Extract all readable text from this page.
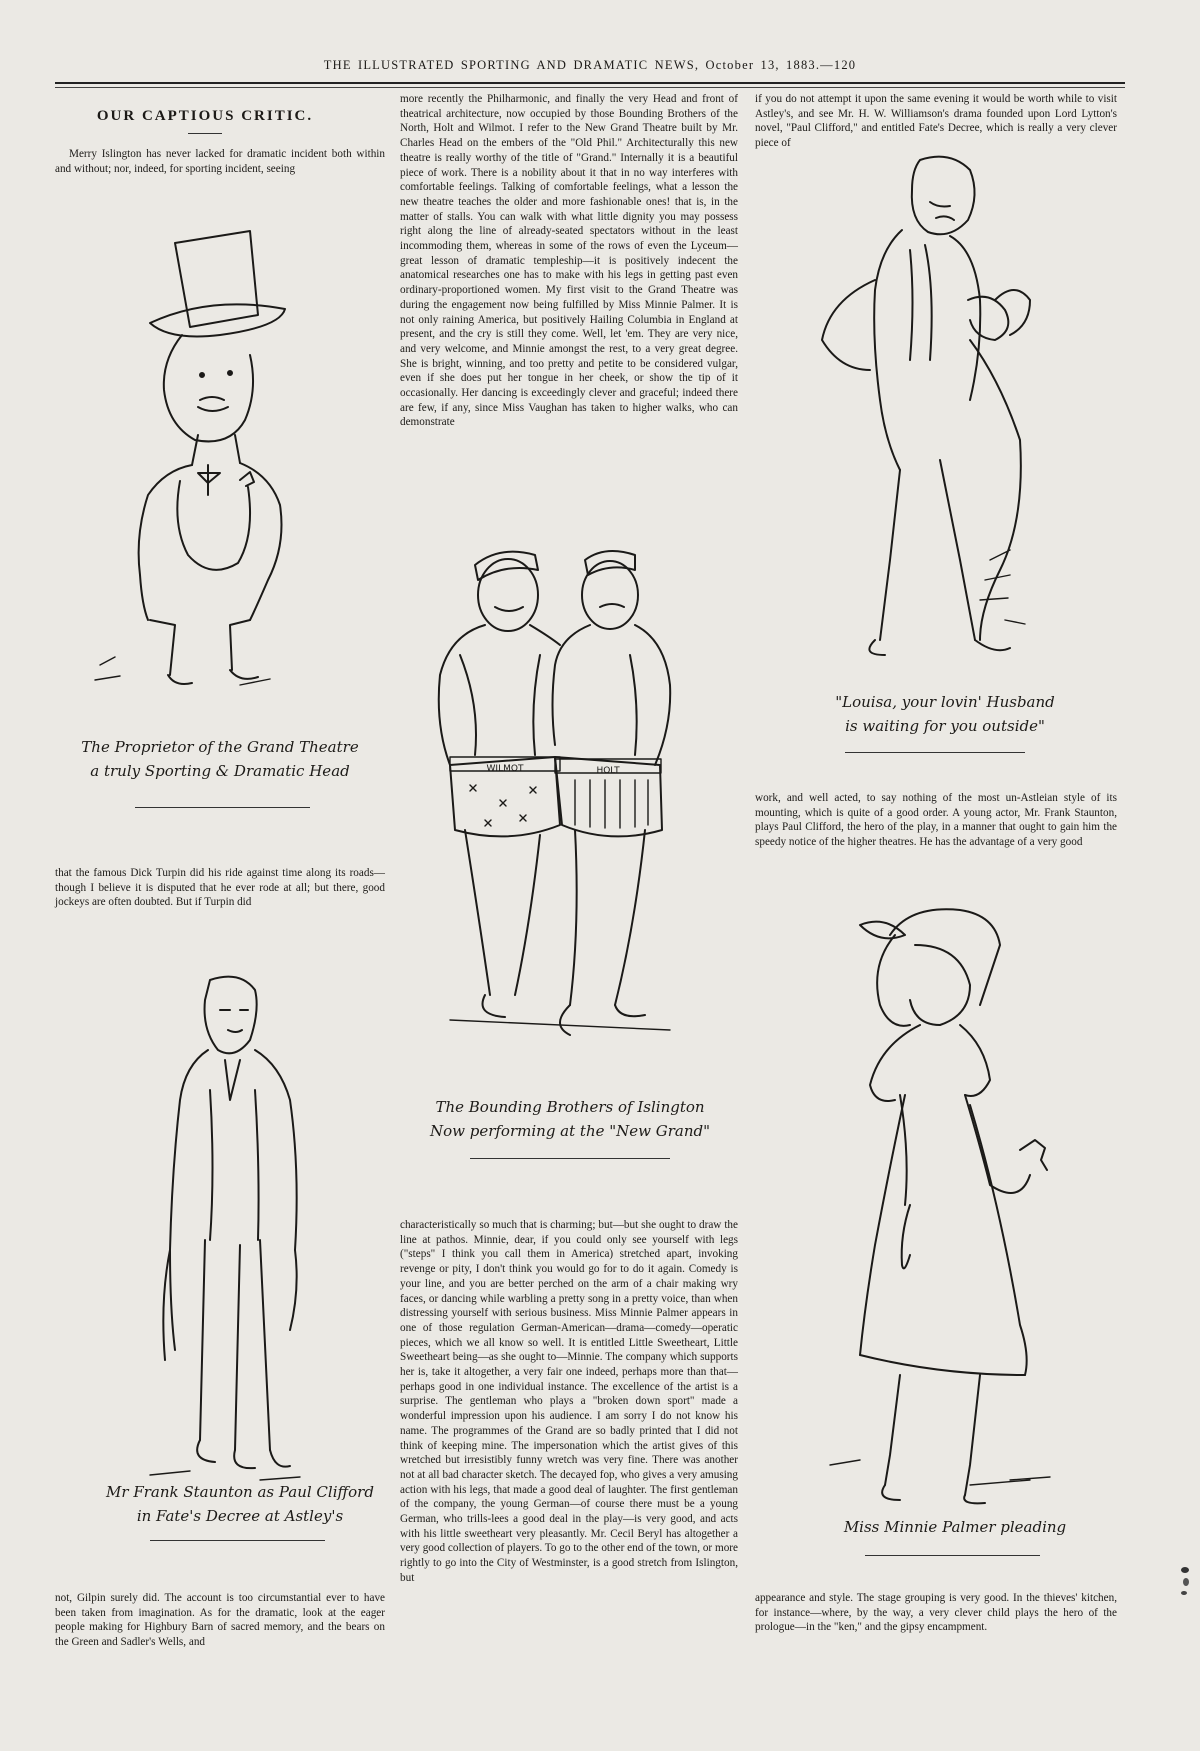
THE ILLUSTRATED SPORTING AND DRAMATIC NEWS, October 13, 1883.—120
OUR CAPTIOUS CRITIC.

Merry Islington has never lacked for dramatic incident both within and without; nor, indeed, for sporting incident, seeing

that the famous Dick Turpin did his ride against time along its roads—though I believe it is disputed that he ever rode at all; but there, good jockeys are often doubted. But if Turpin did

not, Gilpin surely did. The account is too circumstantial ever to have been taken from imagination. As for the dramatic, look at the eager people making for Highbury Barn of sacred memory, and the bears on the Green and Sadler's Wells, and

more recently the Philharmonic, and finally the very Head and front of theatrical architecture, now occupied by those Bounding Brothers of the North, Holt and Wilmot. I refer to the New Grand Theatre built by Mr. Charles Head on the embers of the "Old Phil." Architecturally this new theatre is really worthy of the title of "Grand." Internally it is a beautiful piece of work. There is a nobility about it that in no way interferes with comfortable feelings. Talking of comfortable feelings, what a lesson the new theatre teaches the older and more fashionable ones! that is, in the matter of stalls. You can walk with what little dignity you may possess right along the line of already-seated spectators without in the least incommoding them, whereas in some of the rows of even the Lyceum—great lesson of dramatic templeship—it is positively indecent the anatomical researches one has to make with his legs in getting past even ordinary-proportioned women. My first visit to the Grand Theatre was during the engagement now being fulfilled by Miss Minnie Palmer. It is not only raining America, but positively Hailing Columbia in England at present, and the cry is still they come. Well, let 'em. They are very nice, and very welcome, and Minnie amongst the rest, to a very great degree. She is bright, winning, and too pretty and petite to be considered vulgar, even if she does put her tongue in her cheek, or show the tip of it occasionally. Her dancing is exceedingly clever and graceful; indeed there are few, if any, since Miss Vaughan has taken to higher walks, who can demonstrate

characteristically so much that is charming; but—but she ought to draw the line at pathos. Minnie, dear, if you could only see yourself with legs ("steps" I think you call them in America) stretched apart, invoking revenge or pity, I don't think you would go for to do it again. Comedy is your line, and you are better perched on the arm of a chair making wry faces, or dancing while warbling a pretty song in a pretty voice, than when distressing yourself with serious business. Miss Minnie Palmer appears in one of those regulation German-American—drama—comedy—operatic pieces, which we all know so well. It is entitled Little Sweetheart, Little Sweetheart being—as she ought to—Minnie. The company which supports her is, take it altogether, a very fair one indeed, perhaps more than that—perhaps good in one individual instance. The excellence of the artist is a surprise. The gentleman who plays a "broken down sport" made a wonderful impression upon his audience. I am sorry I do not know his name. The programmes of the Grand are so badly printed that I did not think of keeping mine. The impersonation which the artist gives of this wretched but irresistibly funny wretch was very fine. There was another not at all bad character sketch. The decayed fop, who gives a very amusing action with his legs, that made a good deal of laughter. The first gentleman of the company, the young German—of course there must be a young German, who trills-lees a good deal in the play—is very good, and acts with his little sweetheart very pleasantly. Mr. Cecil Beryl has altogether a very good collection of players. To go to the other end of the town, or more rightly to go into the City of Westminster, is a good stretch from Islington, but

if you do not attempt it upon the same evening it would be worth while to visit Astley's, and see Mr. H. W. Williamson's drama founded upon Lord Lytton's novel, "Paul Clifford," and entitled Fate's Decree, which is really a very clever piece of

work, and well acted, to say nothing of the most un-Astleian style of its mounting, which is quite of a good order. A young actor, Mr. Frank Staunton, plays Paul Clifford, the hero of the play, in a manner that ought to gain him the speedy notice of the higher theatres. He has the advantage of a very good

appearance and style. The stage grouping is very good. In the thieves' kitchen, for instance—where, by the way, a very clever child plays the hero of the prologue—in the "ken," and the gipsy encampment.

The Proprietor of the Grand Theatre
a truly Sporting & Dramatic Head
"Louisa, your lovin' Husband
is waiting for you outside"
WILMOT	HOLT
The Bounding Brothers of Islington
Now performing at the "New Grand"
Mr Frank Staunton as Paul Clifford
in Fate's Decree at Astley's
Miss Minnie Palmer pleading
